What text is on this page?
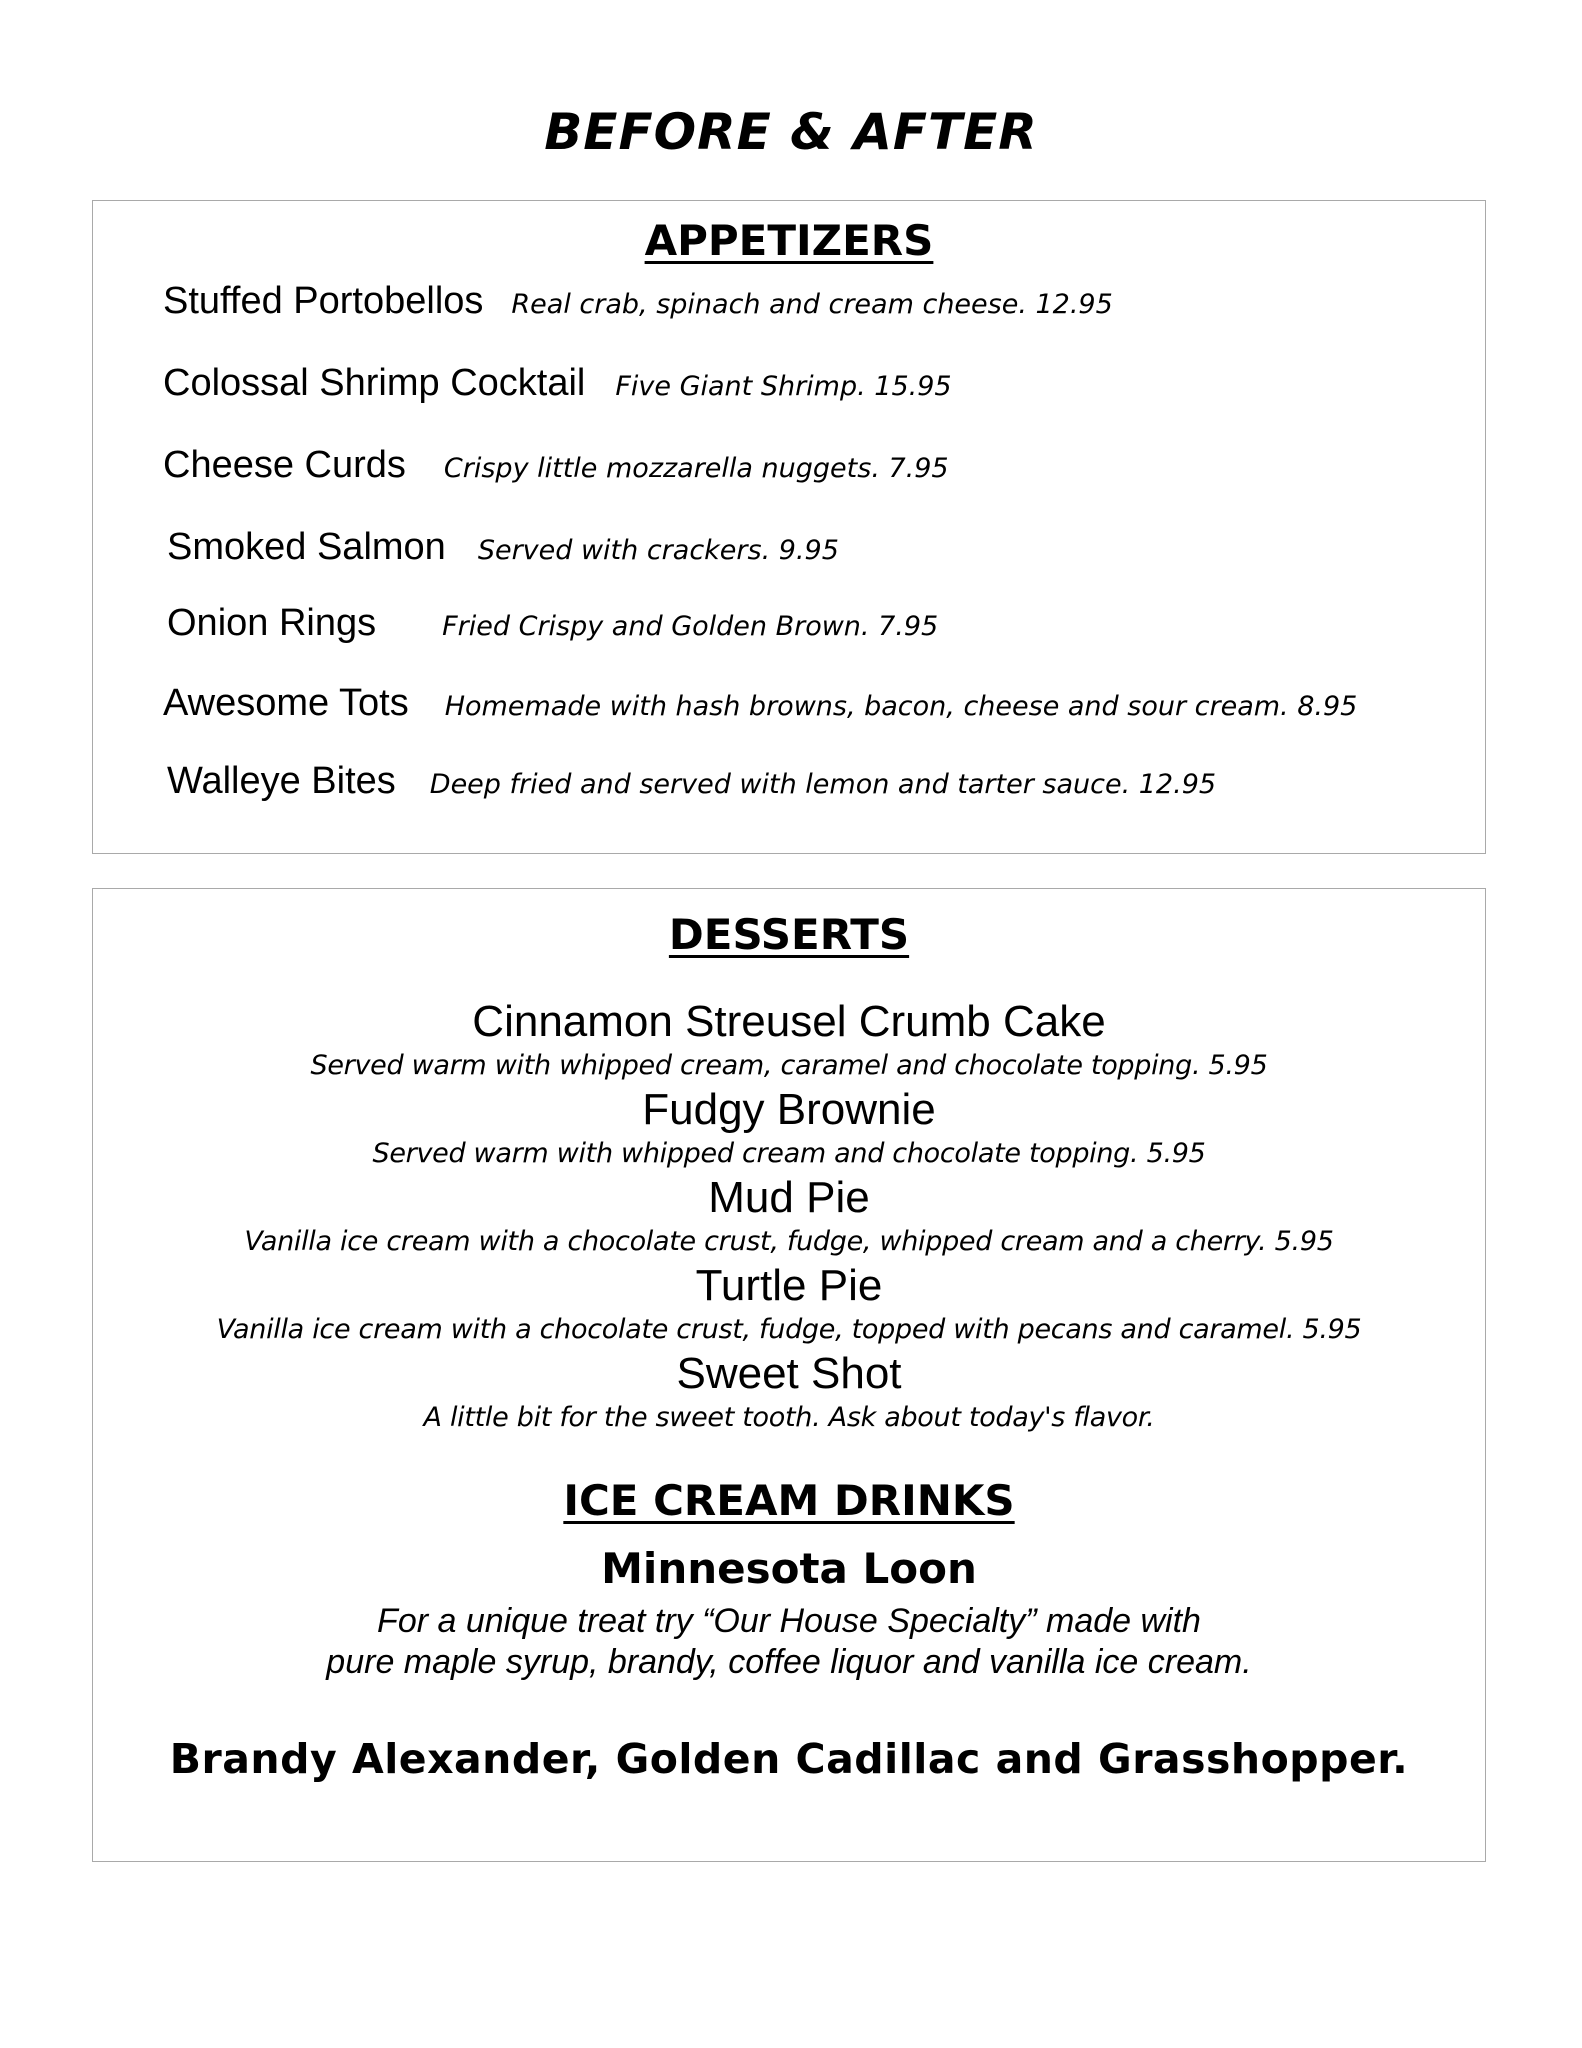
BEFORE & AFTER
APPETIZERS
Stuffed Portobellos Real crab, spinach and cream cheese. 12.95
Colossal Shrimp Cocktail Five Giant Shrimp. 15.95
Cheese Curds Crispy little mozzarella nuggets. 7.95
Smoked Salmon Served with crackers. 9.95
Onion Rings Fried Crispy and Golden Brown. 7.95
Awesome Tots Homemade with hash browns, bacon, cheese and sour cream. 8.95
Walleye Bites Deep fried and served with lemon and tarter sauce. 12.95
DESSERTS
Cinnamon Streusel Crumb Cake
Served warm with whipped cream, caramel and chocolate topping. 5.95
Fudgy Brownie
Served warm with whipped cream and chocolate topping. 5.95
Mud Pie
Vanilla ice cream with a chocolate crust, fudge, whipped cream and a cherry. 5.95
Turtle Pie
Vanilla ice cream with a chocolate crust, fudge, topped with pecans and caramel. 5.95
Sweet Shot
A little bit for the sweet tooth. Ask about today's flavor.
ICE CREAM DRINKS
Minnesota Loon
For a unique treat try “Our House Specialty” made with
pure maple syrup, brandy, coffee liquor and vanilla ice cream.
Brandy Alexander, Golden Cadillac and Grasshopper.
